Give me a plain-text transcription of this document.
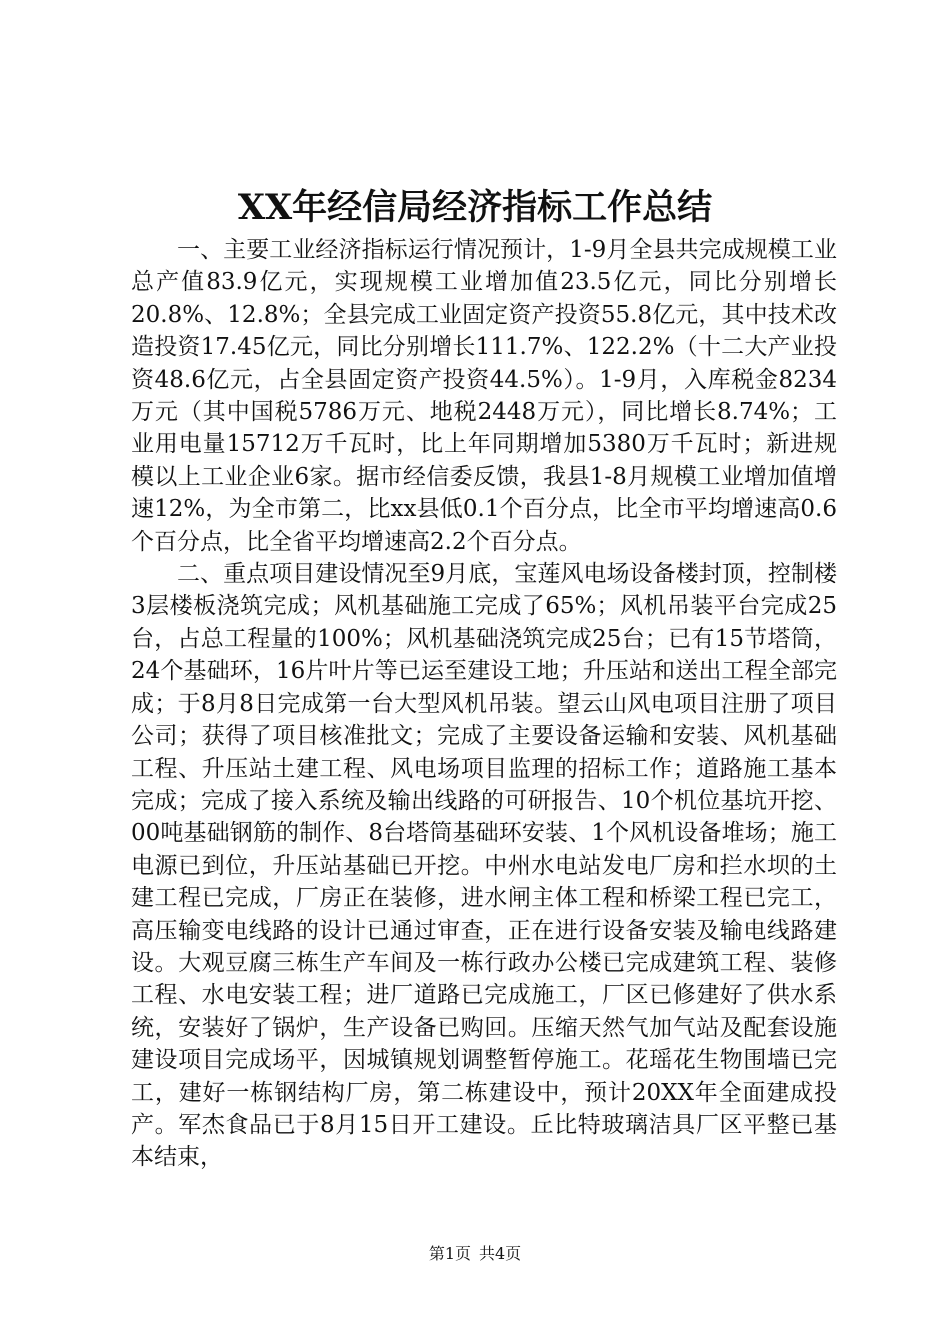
XX年经信局经济指标工作总结

一、主要工业经济指标运行情况预计，1-9月全县共完成规模工业总产值83.9亿元，实现规模工业增加值23.5亿元，同比分别增长20.8%、12.8%；全县完成工业固定资产投资55.8亿元，其中技术改造投资17.45亿元，同比分别增长111.7%、122.2%（十二大产业投资48.6亿元，占全县固定资产投资44.5%）。1-9月，入库税金8234万元（其中国税5786万元、地税2448万元），同比增长8.74%；工业用电量15712万千瓦时，比上年同期增加5380万千瓦时；新进规模以上工业企业6家。据市经信委反馈，我县1-8月规模工业增加值增速12%，为全市第二，比xx县低0.1个百分点，比全市平均增速高0.6个百分点，比全省平均增速高2.2个百分点。

二、重点项目建设情况至9月底，宝莲风电场设备楼封顶，控制楼3层楼板浇筑完成；风机基础施工完成了65%；风机吊装平台完成25台，占总工程量的100%；风机基础浇筑完成25台；已有15节塔筒，24个基础环，16片叶片等已运至建设工地；升压站和送出工程全部完成；于8月8日完成第一台大型风机吊装。望云山风电项目注册了项目公司；获得了项目核准批文；完成了主要设备运输和安装、风机基础工程、升压站土建工程、风电场项目监理的招标工作；道路施工基本完成；完成了接入系统及输出线路的可研报告、10个机位基坑开挖、00吨基础钢筋的制作、8台塔筒基础环安装、1个风机设备堆场；施工电源已到位，升压站基础已开挖。中州水电站发电厂房和拦水坝的土建工程已完成，厂房正在装修，进水闸主体工程和桥梁工程已完工，高压输变电线路的设计已通过审查，正在进行设备安装及输电线路建设。大观豆腐三栋生产车间及一栋行政办公楼已完成建筑工程、装修工程、水电安装工程；进厂道路已完成施工，厂区已修建好了供水系统，安装好了锅炉，生产设备已购回。压缩天然气加气站及配套设施建设项目完成场平，因城镇规划调整暂停施工。花瑶花生物围墙已完工，建好一栋钢结构厂房，第二栋建设中，预计20XX年全面建成投产。军杰食品已于8月15日开工建设。丘比特玻璃洁具厂区平整已基本结束，

第1页 共4页
